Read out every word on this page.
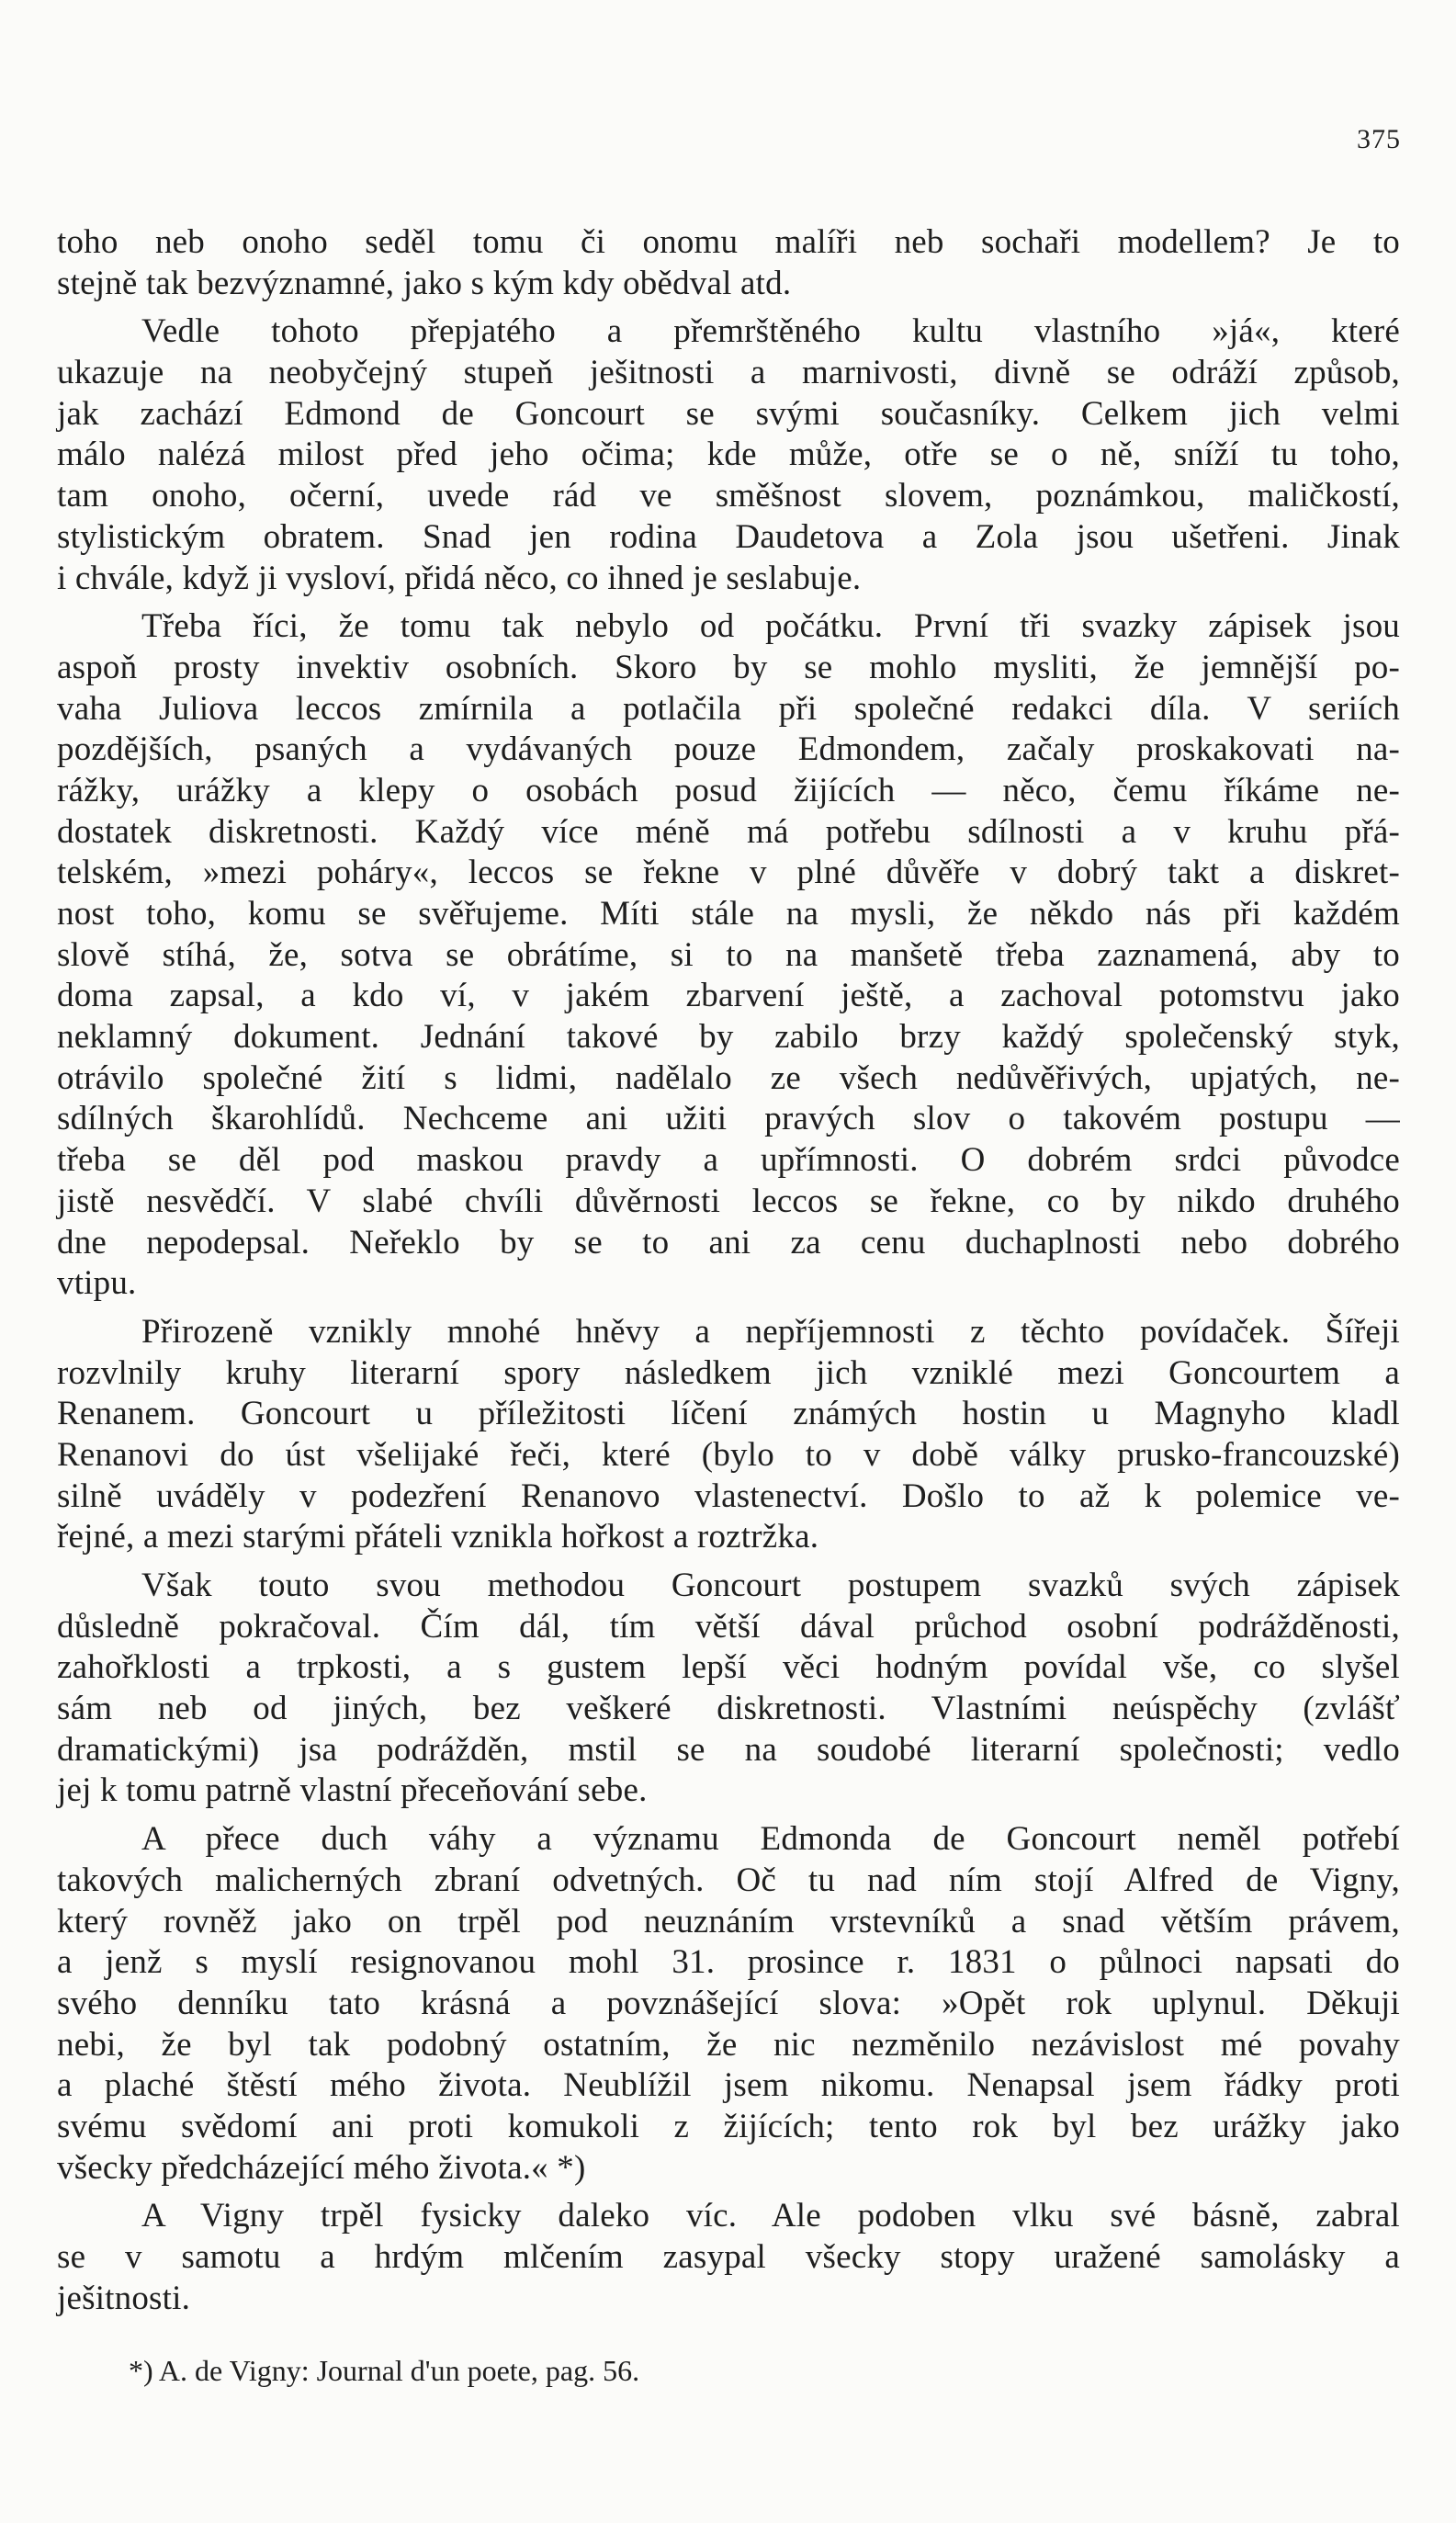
375
toho neb onoho seděl tomu či onomu malíři neb sochaři modellem? Je to
stejně tak bezvýznamné, jako s kým kdy obědval atd.
Vedle tohoto přepjatého a přemrštěného kultu vlastního »já«, které
ukazuje na neobyčejný stupeň ješitnosti a marnivosti, divně se odráží způsob,
jak zachází Edmond de Goncourt se svými současníky. Celkem jich velmi
málo nalézá milost před jeho očima; kde může, otře se o ně, sníží tu toho,
tam onoho, očerní, uvede rád ve směšnost slovem, poznámkou, maličkostí,
stylistickým obratem. Snad jen rodina Daudetova a Zola jsou ušetřeni. Jinak
i chvále, když ji vysloví, přidá něco, co ihned je seslabuje.
Třeba říci, že tomu tak nebylo od počátku. První tři svazky zápisek jsou
aspoň prosty invektiv osobních. Skoro by se mohlo mysliti, že jemnější po-
vaha Juliova leccos zmírnila a potlačila při společné redakci díla. V seriích
pozdějších, psaných a vydávaných pouze Edmondem, začaly proskakovati na-
rážky, urážky a klepy o osobách posud žijících — něco, čemu říkáme ne-
dostatek diskretnosti. Každý více méně má potřebu sdílnosti a v kruhu přá-
telském, »mezi poháry«, leccos se řekne v plné důvěře v dobrý takt a diskret-
nost toho, komu se svěřujeme. Míti stále na mysli, že někdo nás při každém
slově stíhá, že, sotva se obrátíme, si to na manšetě třeba zaznamená, aby to
doma zapsal, a kdo ví, v jakém zbarvení ještě, a zachoval potomstvu jako
neklamný dokument. Jednání takové by zabilo brzy každý společenský styk,
otrávilo společné žití s lidmi, nadělalo ze všech nedůvěřivých, upjatých, ne-
sdílných škarohlídů. Nechceme ani užiti pravých slov o takovém postupu —
třeba se děl pod maskou pravdy a upřímnosti. O dobrém srdci původce
jistě nesvědčí. V slabé chvíli důvěrnosti leccos se řekne, co by nikdo druhého
dne nepodepsal. Neřeklo by se to ani za cenu duchaplnosti nebo dobrého
vtipu.
Přirozeně vznikly mnohé hněvy a nepříjemnosti z těchto povídaček. Šířeji
rozvlnily kruhy literarní spory následkem jich vzniklé mezi Goncourtem a
Renanem. Goncourt u příležitosti líčení známých hostin u Magnyho kladl
Renanovi do úst všelijaké řeči, které (bylo to v době války prusko-francouzské)
silně uváděly v podezření Renanovo vlastenectví. Došlo to až k polemice ve-
řejné, a mezi starými přáteli vznikla hořkost a roztržka.
Však touto svou methodou Goncourt postupem svazků svých zápisek
důsledně pokračoval. Čím dál, tím větší dával průchod osobní podrážděnosti,
zahořklosti a trpkosti, a s gustem lepší věci hodným povídal vše, co slyšel
sám neb od jiných, bez veškeré diskretnosti. Vlastními neúspěchy (zvlášť
dramatickými) jsa podrážděn, mstil se na soudobé literarní společnosti; vedlo
jej k tomu patrně vlastní přeceňování sebe.
A přece duch váhy a významu Edmonda de Goncourt neměl potřebí
takových malicherných zbraní odvetných. Oč tu nad ním stojí Alfred de Vigny,
který rovněž jako on trpěl pod neuznáním vrstevníků a snad větším právem,
a jenž s myslí resignovanou mohl 31. prosince r. 1831 o půlnoci napsati do
svého denníku tato krásná a povznášející slova: »Opět rok uplynul. Děkuji
nebi, že byl tak podobný ostatním, že nic nezměnilo nezávislost mé povahy
a plaché štěstí mého života. Neublížil jsem nikomu. Nenapsal jsem řádky proti
svému svědomí ani proti komukoli z žijících; tento rok byl bez urážky jako
všecky předcházející mého života.« *)
A Vigny trpěl fysicky daleko víc. Ale podoben vlku své básně, zabral
se v samotu a hrdým mlčením zasypal všecky stopy uražené samolásky a
ješitnosti.
*) A. de Vigny: Journal d'un poete, pag. 56.
